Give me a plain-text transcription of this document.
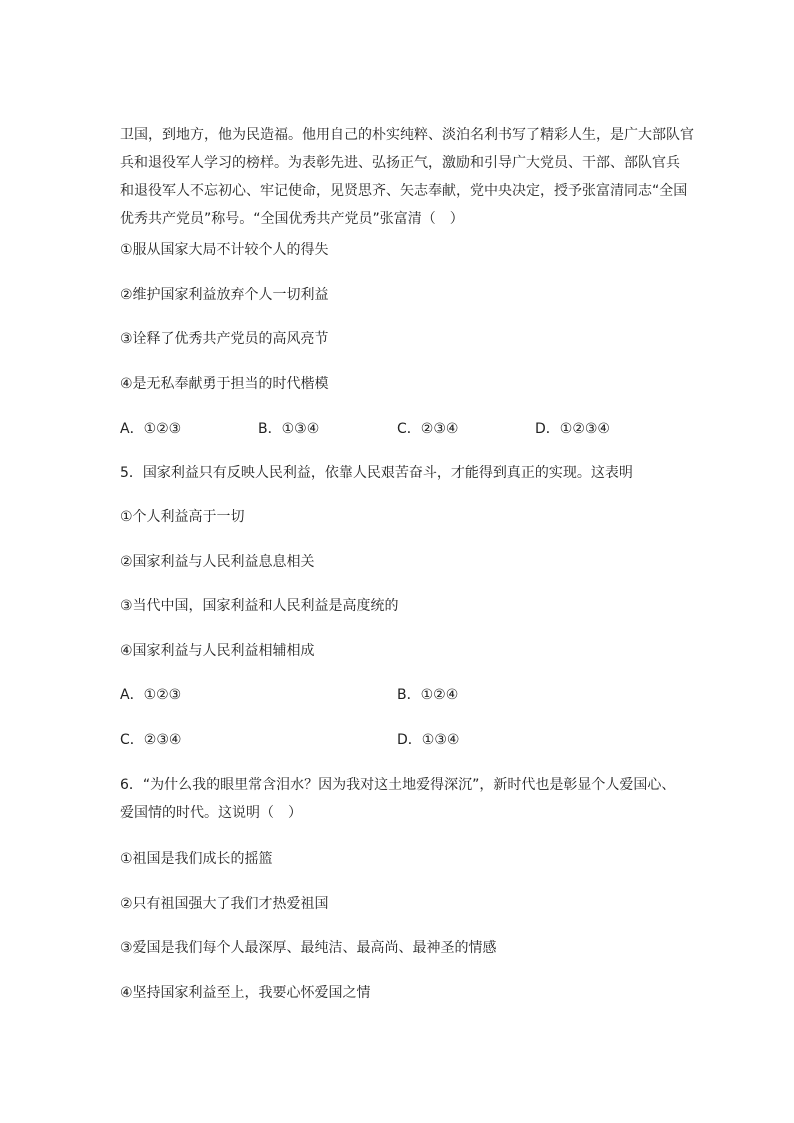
卫国，到地方，他为民造福。他用自己的朴实纯粹、淡泊名利书写了精彩人生，是广大部队官
兵和退役军人学习的榜样。为表彰先进、弘扬正气，激励和引导广大党员、干部、部队官兵
和退役军人不忘初心、牢记使命，见贤思齐、矢志奉献，党中央决定，授予张富清同志“全国
优秀共产党员”称号。“全国优秀共产党员”张富清（　）
①服从国家大局不计较个人的得失
②维护国家利益放弃个人一切利益
③诠释了优秀共产党员的高风亮节
④是无私奉献勇于担当的时代楷模
A．①②③	B．①③④	C．②③④	D．①②③④
5．国家利益只有反映人民利益，依靠人民艰苦奋斗，才能得到真正的实现。这表明
①个人利益高于一切
②国家利益与人民利益息息相关
③当代中国，国家利益和人民利益是高度统的
④国家利益与人民利益相辅相成
A．①②③	B．①②④
C．②③④	D．①③④
6．“为什么我的眼里常含泪水？因为我对这土地爱得深沉”，新时代也是彰显个人爱国心、
爱国情的时代。这说明（　）
①祖国是我们成长的摇篮
②只有祖国强大了我们才热爱祖国
③爱国是我们每个人最深厚、最纯洁、最高尚、最神圣的情感
④坚持国家利益至上，我要心怀爱国之情
